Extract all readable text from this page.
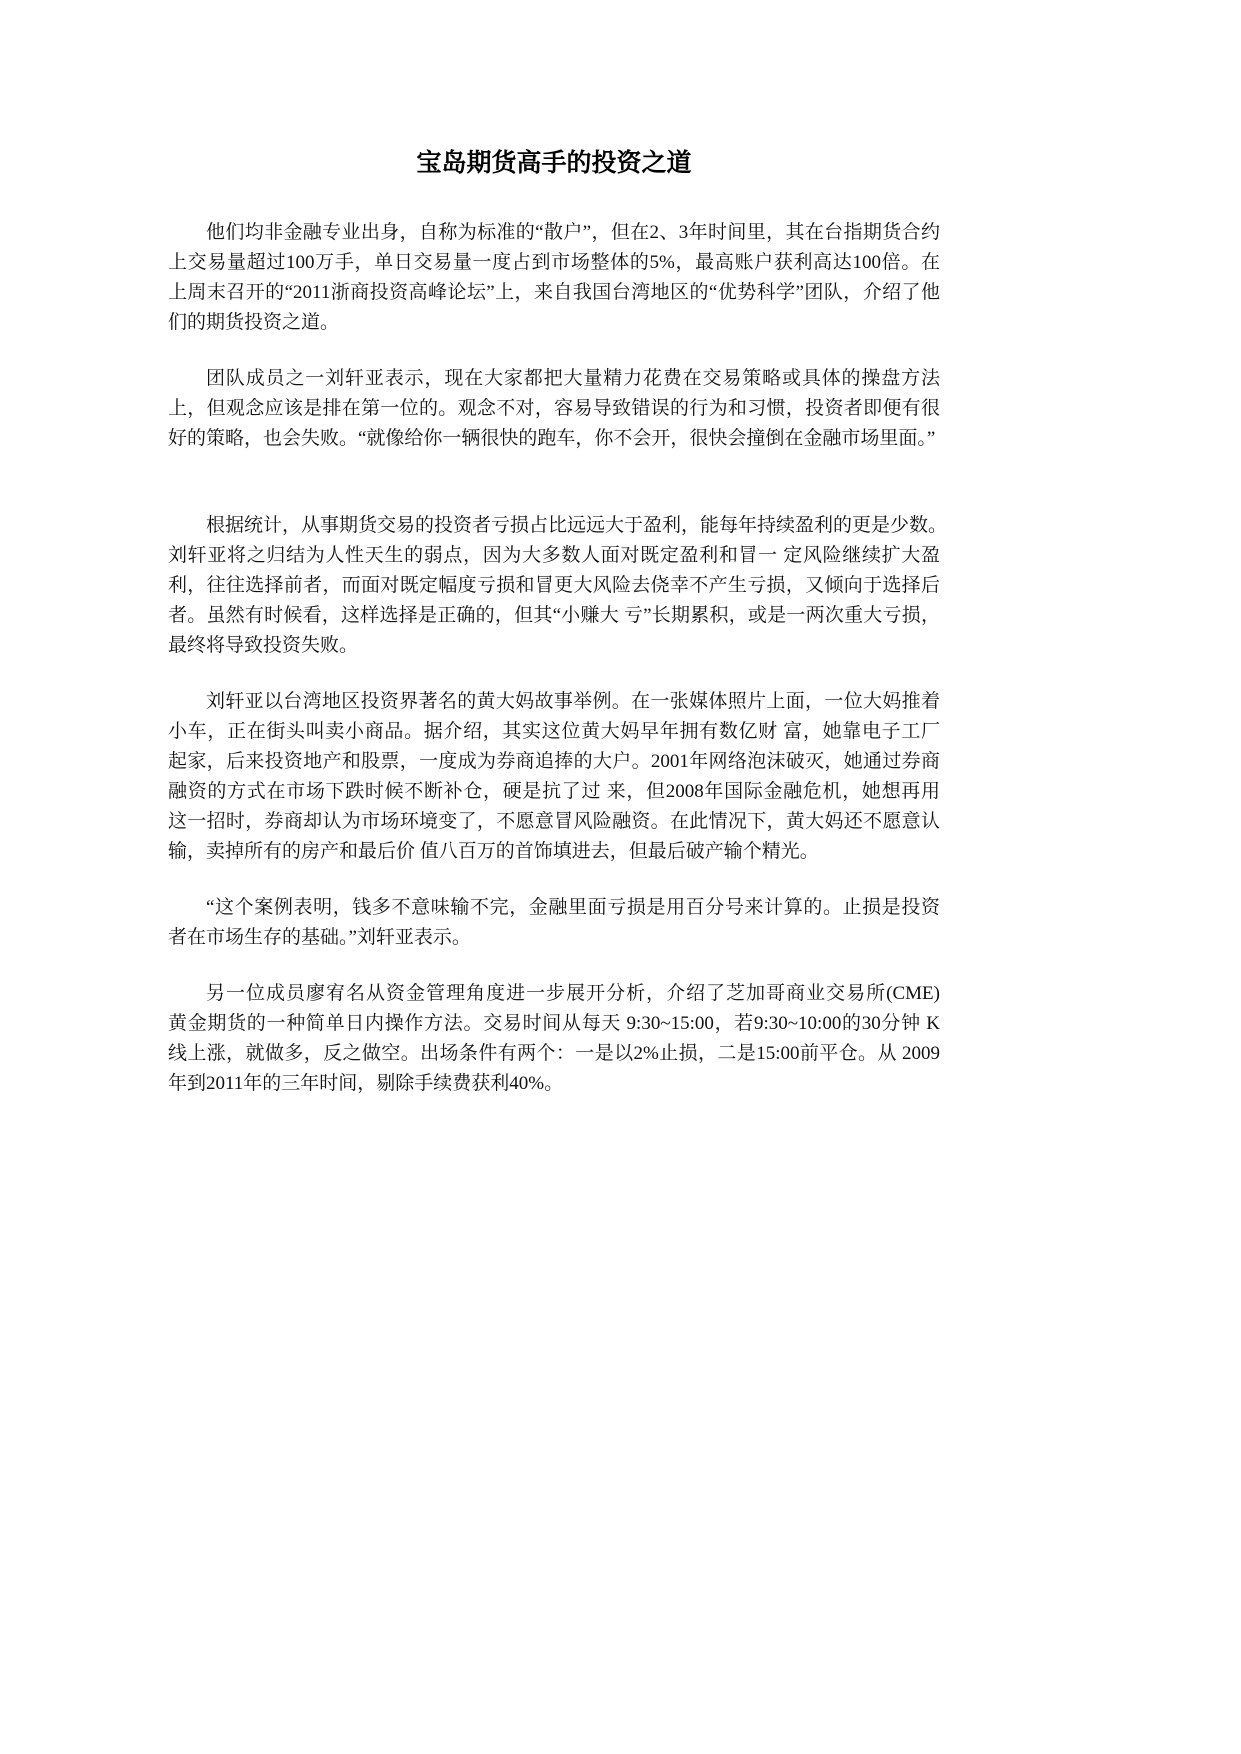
宝岛期货高手的投资之道
他们均非金融专业出身，自称为标准的“散户”，但在2、3年时间里，其在台指期货合约
上交易量超过100万手，单日交易量一度占到市场整体的5%，最高账户获利高达100倍。在
上周末召开的“2011浙商投资高峰论坛”上，来自我国台湾地区的“优势科学”团队，介绍了他
们的期货投资之道。
团队成员之一刘轩亚表示，现在大家都把大量精力花费在交易策略或具体的操盘方法
上，但观念应该是排在第一位的。观念不对，容易导致错误的行为和习惯，投资者即便有很
好的策略，也会失败。“就像给你一辆很快的跑车，你不会开，很快会撞倒在金融市场里面。”
根据统计，从事期货交易的投资者亏损占比远远大于盈利，能每年持续盈利的更是少数。
刘轩亚将之归结为人性天生的弱点，因为大多数人面对既定盈利和冒一 定风险继续扩大盈
利，往往选择前者，而面对既定幅度亏损和冒更大风险去侥幸不产生亏损，又倾向于选择后
者。虽然有时候看，这样选择是正确的，但其“小赚大 亏”长期累积，或是一两次重大亏损，
最终将导致投资失败。
刘轩亚以台湾地区投资界著名的黄大妈故事举例。在一张媒体照片上面，一位大妈推着
小车，正在街头叫卖小商品。据介绍，其实这位黄大妈早年拥有数亿财 富，她靠电子工厂
起家，后来投资地产和股票，一度成为券商追捧的大户。2001年网络泡沫破灭，她通过券商
融资的方式在市场下跌时候不断补仓，硬是抗了过 来，但2008年国际金融危机，她想再用
这一招时，券商却认为市场环境变了，不愿意冒风险融资。在此情况下，黄大妈还不愿意认
输，卖掉所有的房产和最后价 值八百万的首饰填进去，但最后破产输个精光。
“这个案例表明，钱多不意味输不完，金融里面亏损是用百分号来计算的。止损是投资
者在市场生存的基础。”刘轩亚表示。
另一位成员廖宥名从资金管理角度进一步展开分析，介绍了芝加哥商业交易所(CME)
黄金期货的一种简单日内操作方法。交易时间从每天 9:30~15:00，若9:30~10:00的30分钟 K
线上涨，就做多，反之做空。出场条件有两个：一是以2%止损，二是15:00前平仓。从 2009
年到2011年的三年时间，剔除手续费获利40%。
